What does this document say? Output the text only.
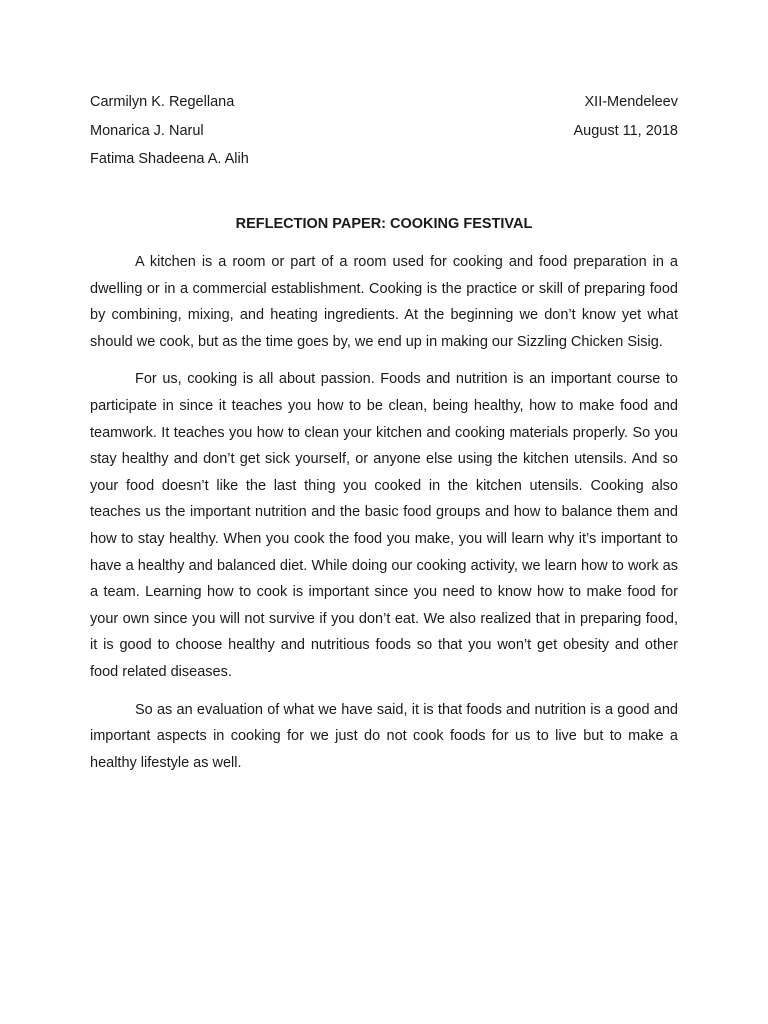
Carmilyn K. Regellana	XII-Mendeleev
Monarica J. Narul	August 11, 2018
Fatima Shadeena A. Alih
REFLECTION PAPER: COOKING FESTIVAL

A kitchen is a room or part of a room used for cooking and food preparation in a dwelling or in a commercial establishment. Cooking is the practice or skill of preparing food by combining, mixing, and heating ingredients. At the beginning we don’t know yet what should we cook, but as the time goes by, we end up in making our Sizzling Chicken Sisig.

For us, cooking is all about passion. Foods and nutrition is an important course to participate in since it teaches you how to be clean, being healthy, how to make food and teamwork. It teaches you how to clean your kitchen and cooking materials properly. So you stay healthy and don’t get sick yourself, or anyone else using the kitchen utensils. And so your food doesn’t like the last thing you cooked in the kitchen utensils. Cooking also teaches us the important nutrition and the basic food groups and how to balance them and how to stay healthy. When you cook the food you make, you will learn why it’s important to have a healthy and balanced diet. While doing our cooking activity, we learn how to work as a team. Learning how to cook is important since you need to know how to make food for your own since you will not survive if you don’t eat. We also realized that in preparing food, it is good to choose healthy and nutritious foods so that you won’t get obesity and other food related diseases.

So as an evaluation of what we have said, it is that foods and nutrition is a good and important aspects in cooking for we just do not cook foods for us to live but to make a healthy lifestyle as well.
